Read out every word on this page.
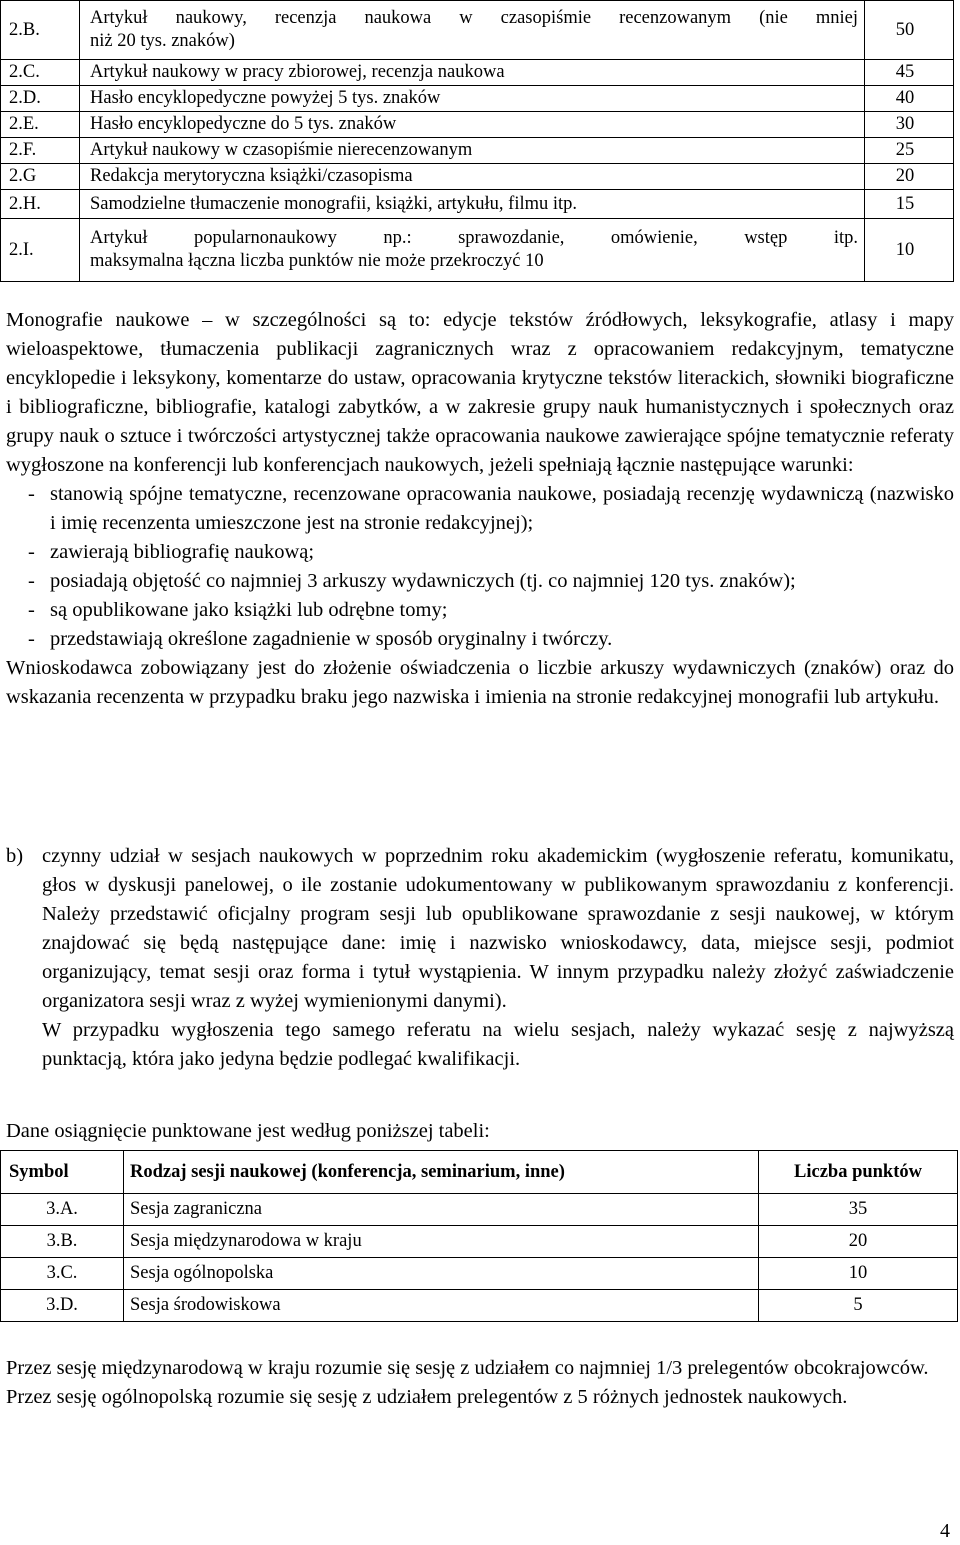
2.B.	Artykuł naukowy, recenzja naukowa w czasopiśmie recenzowanym (nie mniej
niż 20 tys. znaków)	50
2.C.	Artykuł naukowy w pracy zbiorowej, recenzja naukowa	45
2.D.	Hasło encyklopedyczne powyżej 5 tys. znaków	40
2.E.	Hasło encyklopedyczne do 5 tys. znaków	30
2.F.	Artykuł naukowy w czasopiśmie nierecenzowanym	25
2.G	Redakcja merytoryczna książki/czasopisma	20
2.H.	Samodzielne tłumaczenie monografii, książki, artykułu, filmu itp.	15
2.I.	Artykuł popularnonaukowy np.: sprawozdanie, omówienie, wstęp itp.
maksymalna łączna liczba punktów nie może przekroczyć 10	10

Monografie naukowe – w szczególności są to: edycje tekstów źródłowych, leksykografie, atlasy i mapy wieloaspektowe, tłumaczenia publikacji zagranicznych wraz z opracowaniem redakcyjnym, tematyczne encyklopedie i leksykony, komentarze do ustaw, opracowania krytyczne tekstów literackich, słowniki biograficzne i bibliograficzne, bibliografie, katalogi zabytków, a w zakresie grupy nauk humanistycznych i społecznych oraz grupy nauk o sztuce i twórczości artystycznej także opracowania naukowe zawierające spójne tematycznie referaty wygłoszone na konferencji lub konferencjach naukowych, jeżeli spełniają łącznie następujące warunki:

- stanowią spójne tematyczne, recenzowane opracowania naukowe, posiadają recenzję wydawniczą (nazwisko i imię recenzenta umieszczone jest na stronie redakcyjnej);
- zawierają bibliografię naukową;
- posiadają objętość co najmniej 3 arkuszy wydawniczych (tj. co najmniej 120 tys. znaków);
- są opublikowane jako książki lub odrębne tomy;
- przedstawiają określone zagadnienie w sposób oryginalny i twórczy.

Wnioskodawca zobowiązany jest do złożenie oświadczenia o liczbie arkuszy wydawniczych (znaków) oraz do wskazania recenzenta w przypadku braku jego nazwiska i imienia na stronie redakcyjnej monografii lub artykułu.

b) czynny udział w sesjach naukowych w poprzednim roku akademickim (wygłoszenie referatu, komunikatu, głos w dyskusji panelowej, o ile zostanie udokumentowany w publikowanym sprawozdaniu z konferencji. Należy przedstawić oficjalny program sesji lub opublikowane sprawozdanie z sesji naukowej, w którym znajdować się będą następujące dane: imię i nazwisko wnioskodawcy, data, miejsce sesji, podmiot organizujący, temat sesji oraz forma i tytuł wystąpienia. W innym przypadku należy złożyć zaświadczenie organizatora sesji wraz z wyżej wymienionymi danymi).

W przypadku wygłoszenia tego samego referatu na wielu sesjach, należy wykazać sesję z najwyższą punktacją, która jako jedyna będzie podlegać kwalifikacji.

Dane osiągnięcie punktowane jest według poniższej tabeli:
Symbol	Rodzaj sesji naukowej (konferencja, seminarium, inne)	Liczba punktów
3.A.	Sesja zagraniczna	35
3.B.	Sesja międzynarodowa w kraju	20
3.C.	Sesja ogólnopolska	10
3.D.	Sesja środowiskowa	5

Przez sesję międzynarodową w kraju rozumie się sesję z udziałem co najmniej 1/3 prelegentów obcokrajowców.

Przez sesję ogólnopolską rozumie się sesję z udziałem prelegentów z 5 różnych jednostek naukowych.

4
